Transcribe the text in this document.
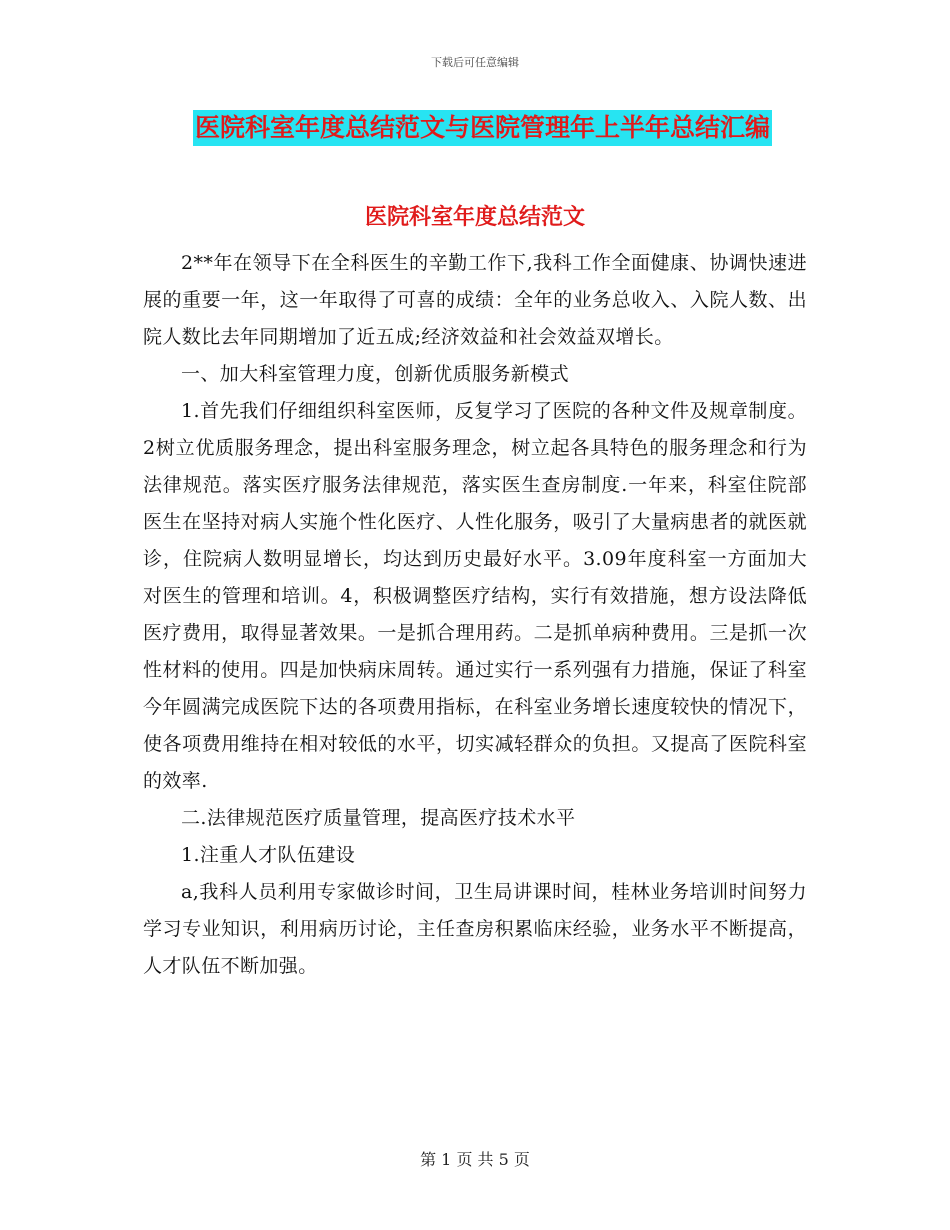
下载后可任意编辑
医院科室年度总结范文与医院管理年上半年总结汇编
医院科室年度总结范文

2**年在领导下在全科医生的辛勤工作下,我科工作全面健康、协调快速进展的重要一年，这一年取得了可喜的成绩：全年的业务总收入、入院人数、出院人数比去年同期增加了近五成;经济效益和社会效益双增长。

一、加大科室管理力度，创新优质服务新模式

1.首先我们仔细组织科室医师，反复学习了医院的各种文件及规章制度。2树立优质服务理念，提出科室服务理念，树立起各具特色的服务理念和行为法律规范。落实医疗服务法律规范，落实医生查房制度.一年来，科室住院部医生在坚持对病人实施个性化医疗、人性化服务，吸引了大量病患者的就医就诊，住院病人数明显增长，均达到历史最好水平。3.09年度科室一方面加大对医生的管理和培训。4，积极调整医疗结构，实行有效措施，想方设法降低医疗费用，取得显著效果。一是抓合理用药。二是抓单病种费用。三是抓一次性材料的使用。四是加快病床周转。通过实行一系列强有力措施，保证了科室今年圆满完成医院下达的各项费用指标，在科室业务增长速度较快的情况下，使各项费用维持在相对较低的水平，切实减轻群众的负担。又提高了医院科室的效率.

二.法律规范医疗质量管理，提高医疗技术水平

1.注重人才队伍建设

a,我科人员利用专家做诊时间，卫生局讲课时间，桂林业务培训时间努力学习专业知识，利用病历讨论，主任查房积累临床经验，业务水平不断提高，人才队伍不断加强。

第 1 页 共 5 页
